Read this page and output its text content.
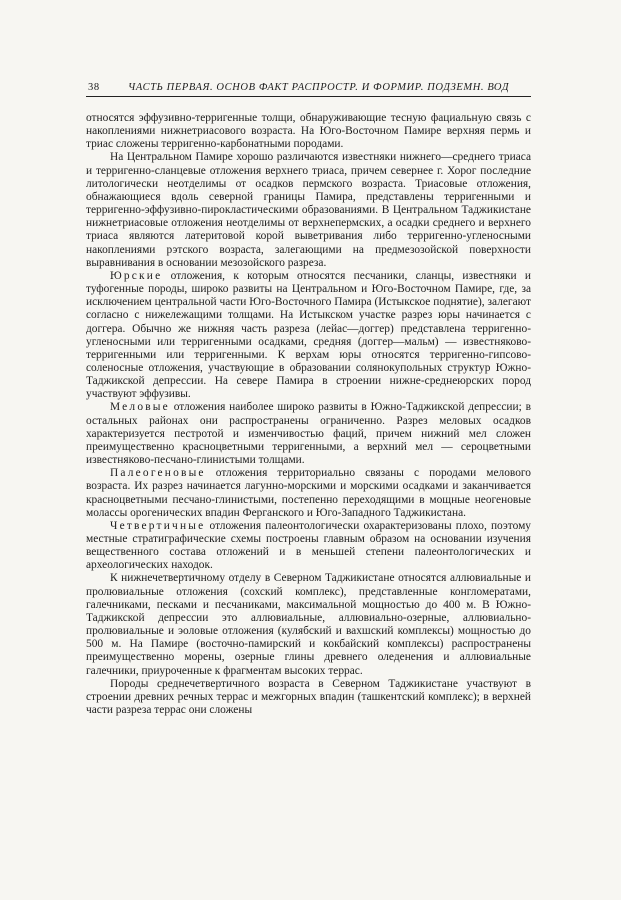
38	ЧАСТЬ ПЕРВАЯ. ОСНОВ ФАКТ РАСПРОСТР. И ФОРМИР. ПОДЗЕМН. ВОД

относятся эффузивно-терригенные толщи, обнаруживающие тесную фациальную связь с накоплениями нижнетриасового возраста. На Юго-Восточном Памире верхняя пермь и триас сложены терригенно-карбонатными породами.

На Центральном Памире хорошо различаются известняки нижнего—среднего триаса и терригенно-сланцевые отложения верхнего триаса, причем севернее г. Хорог последние литологически неотделимы от осадков пермского возраста. Триасовые отложения, обнажающиеся вдоль северной границы Памира, представлены терригенными и терригенно-эффузивно-пирокластическими образованиями. В Центральном Таджикистане нижнетриасовые отложения неотделимы от верхнепермских, а осадки среднего и верхнего триаса являются латеритовой корой выветривания либо терригенно-угленосными накоплениями рэтского возраста, залегающими на предмезозойской поверхности выравнивания в основании мезозойского разреза.

Юрские отложения, к которым относятся песчаники, сланцы, известняки и туфогенные породы, широко развиты на Центральном и Юго-Восточном Памире, где, за исключением центральной части Юго-Восточного Памира (Истыкское поднятие), залегают согласно с нижележащими толщами. На Истыкском участке разрез юры начинается с доггера. Обычно же нижняя часть разреза (лейас—доггер) представлена терригенно-угленосными или терригенными осадками, средняя (доггер—мальм) — известняково-терригенными или терригенными. К верхам юры относятся терригенно-гипсово-соленосные отложения, участвующие в образовании солянокупольных структур Южно-Таджикской депрессии. На севере Памира в строении нижне-среднеюрских пород участвуют эффузивы.

Меловые отложения наиболее широко развиты в Южно-Таджикской депрессии; в остальных районах они распространены ограниченно. Разрез меловых осадков характеризуется пестротой и изменчивостью фаций, причем нижний мел сложен преимущественно красноцветными терригенными, а верхний мел — сероцветными известняково-песчано-глинистыми толщами.

Палеогеновые отложения территориально связаны с породами мелового возраста. Их разрез начинается лагунно-морскими и морскими осадками и заканчивается красноцветными песчано-глинистыми, постепенно переходящими в мощные неогеновые молассы орогенических впадин Ферганского и Юго-Западного Таджикистана.

Четвертичные отложения палеонтологически охарактеризованы плохо, поэтому местные стратиграфические схемы построены главным образом на основании изучения вещественного состава отложений и в меньшей степени палеонтологических и археологических находок.

К нижнечетвертичному отделу в Северном Таджикистане относятся аллювиальные и пролювиальные отложения (сохский комплекс), представленные конгломератами, галечниками, песками и песчаниками, максимальной мощностью до 400 м. В Южно-Таджикской депрессии это аллювиальные, аллювиально-озерные, аллювиально-пролювиальные и эоловые отложения (кулябский и вахшский комплексы) мощностью до 500 м. На Памире (восточно-памирский и кокбайский комплексы) распространены преимущественно морены, озерные глины древнего оледенения и аллювиальные галечники, приуроченные к фрагментам высоких террас.

Породы среднечетвертичного возраста в Северном Таджикистане участвуют в строении древних речных террас и межгорных впадин (ташкентский комплекс); в верхней части разреза террас они сложены
